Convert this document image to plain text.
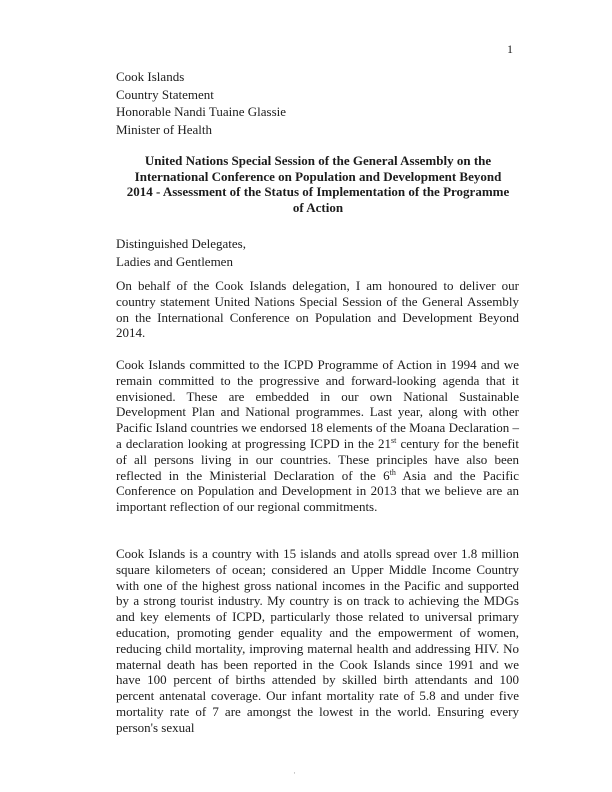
1
Cook Islands
Country Statement
Honorable Nandi Tuaine Glassie
Minister of Health
United Nations Special Session of the General Assembly on the International Conference on Population and Development Beyond 2014 - Assessment of the Status of Implementation of the Programme of Action
Distinguished Delegates,
Ladies and Gentlemen
On behalf of the Cook Islands delegation, I am honoured to deliver our country statement United Nations Special Session of the General Assembly on the International Conference on Population and Development Beyond 2014.
Cook Islands committed to the ICPD Programme of Action in 1994 and we remain committed to the progressive and forward-looking agenda that it envisioned. These are embedded in our own National Sustainable Development Plan and National programmes. Last year, along with other Pacific Island countries we endorsed 18 elements of the Moana Declaration – a declaration looking at progressing ICPD in the 21st century for the benefit of all persons living in our countries. These principles have also been reflected in the Ministerial Declaration of the 6th Asia and the Pacific Conference on Population and Development in 2013 that we believe are an important reflection of our regional commitments.
Cook Islands is a country with 15 islands and atolls spread over 1.8 million square kilometers of ocean; considered an Upper Middle Income Country with one of the highest gross national incomes in the Pacific and supported by a strong tourist industry. My country is on track to achieving the MDGs and key elements of ICPD, particularly those related to universal primary education, promoting gender equality and the empowerment of women, reducing child mortality, improving maternal health and addressing HIV. No maternal death has been reported in the Cook Islands since 1991 and we have 100 percent of births attended by skilled birth attendants and 100 percent antenatal coverage. Our infant mortality rate of 5.8 and under five mortality rate of 7 are amongst the lowest in the world. Ensuring every person's sexual
·
